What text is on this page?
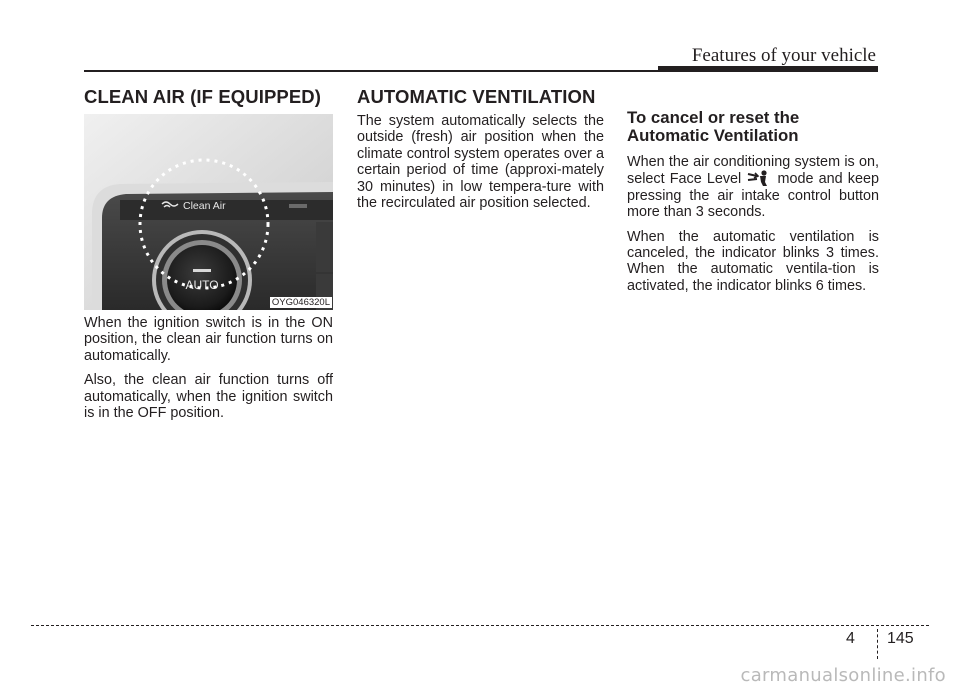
Features of your vehicle
CLEAN AIR (IF EQUIPPED) AUTOMATIC VENTILATION
AUTO
Clean Air
OYG046320L

When the ignition switch is in the ON position, the clean air function turns on automatically.

Also, the clean air function turns off automatically, when the ignition switch is in the OFF position.

The system automatically selects the outside (fresh) air position when the climate control system operates over a certain period of time (approxi-mately 30 minutes) in low tempera-ture with the recirculated air position selected.

To cancel or reset the Automatic Ventilation

When the air conditioning system is on, select Face Level	mode and keep pressing the air intake control button more than 3 seconds.

When the automatic ventilation is canceled, the indicator blinks 3 times. When the automatic ventila-tion is activated, the indicator blinks 6 times.

4 145
carmanualsonline.info
